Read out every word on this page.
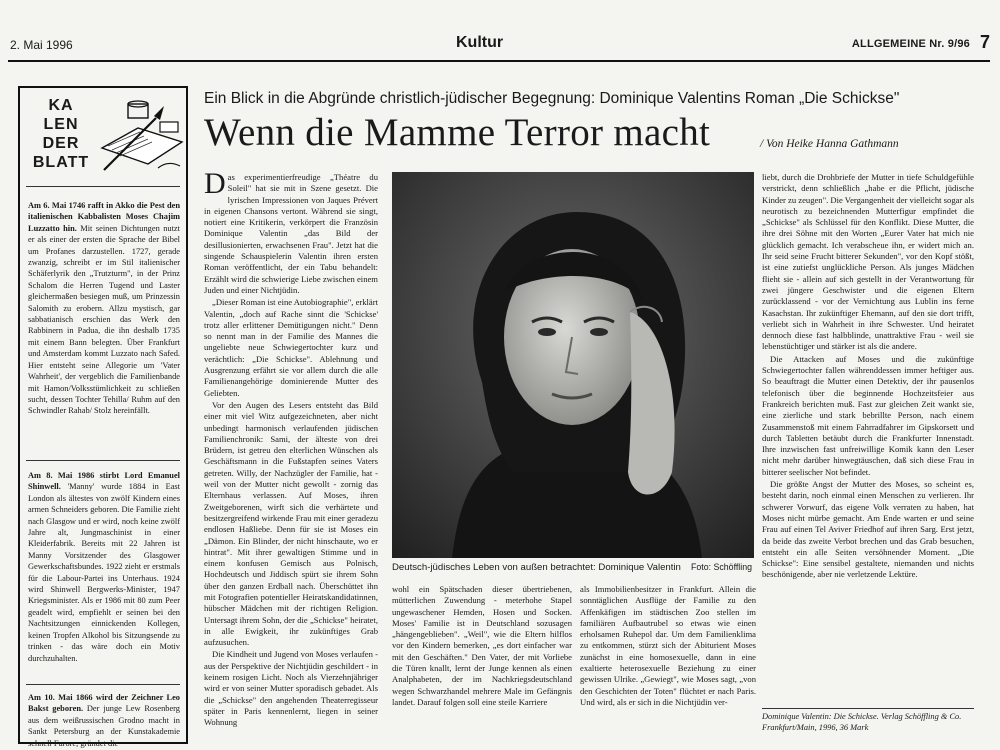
2. Mai 1996	Kultur	ALLGEMEINE Nr. 9/96 7
KA
LEN
DER
BLATT
Am 6. Mai 1746 rafft in Akko die Pest den italienischen Kabbalisten Moses Chajim Luzzatto hin. Mit seinen Dichtungen nutzt er als einer der ersten die Sprache der Bibel um Profanes darzustellen. 1727, gerade zwanzig, schreibt er im Stil italienischer Schäferlyrik den „Trutzturm", in der Prinz Schalom die Herren Tugend und Laster gleichermaßen besiegen muß, um Prinzessin Salomith zu erobern. Allzu mystisch, gar sabbatianisch erschien das Werk den Rabbinern in Padua, die ihn deshalb 1735 mit einem Bann belegten. Über Frankfurt und Amsterdam kommt Luzzato nach Safed. Hier entsteht seine Allegorie um 'Vater Wahrheit', der vergeblich die Familienbande mit Hamon/Volksstümlichkeit zu schließen sucht, dessen Tochter Tehilla/ Ruhm auf den Schwindler Rahab/ Stolz hereinfällt.
Am 8. Mai 1986 stirbt Lord Emanuel Shinwell. 'Manny' wurde 1884 in East London als ältestes von zwölf Kindern eines armen Schneiders geboren. Die Familie zieht nach Glasgow und er wird, noch keine zwölf Jahre alt, Jungmaschinist in einer Kleiderfabrik. Bereits mit 22 Jahren ist Manny Vorsitzender des Glasgower Gewerkschaftsbundes. 1922 zieht er erstmals für die Labour-Partei ins Unterhaus. 1924 wird Shinwell Bergwerks-Minister, 1947 Kriegsminister. Als er 1986 mit 80 zum Peer geadelt wird, empfiehlt er seinen bei den Nachtsitzungen einnickenden Kollegen, keinen Tropfen Alkohol bis Sitzungsende zu trinken - das wäre doch ein Motiv durchzuhalten.
Am 10. Mai 1866 wird der Zeichner Leo Bakst geboren. Der junge Lew Rosenberg aus dem weißrussischen Grodno macht in Sankt Petersburg an der Kunstakademie schnell Furore, gründet die
Ein Blick in die Abgründe christlich-jüdischer Begegnung: Dominique Valentins Roman „Die Schickse"
Wenn die Mamme Terror macht	/ Von Heike Hanna Gathmann

Das experimentierfreudige „Théatre du Soleil" hat sie mit in Szene gesetzt. Die lyrischen Impressionen von Jaques Prévert in eigenen Chansons vertont. Während sie singt, notiert eine Kritikerin, verkörpert die Französin Dominique Valentin „das Bild der desillusionierten, erwachsenen Frau". Jetzt hat die singende Schauspielerin Valentin ihren ersten Roman veröffentlicht, der ein Tabu behandelt: Erzählt wird die schwierige Liebe zwischen einem Juden und einer Nichtjüdin.

„Dieser Roman ist eine Autobiographie", erklärt Valentin, „doch auf Rache sinnt die 'Schickse' trotz aller erlittener Demütigungen nicht." Denn so nennt man in der Familie des Mannes die ungeliebte neue Schwiegertochter kurz und verächtlich: „Die Schickse". Ablehnung und Ausgrenzung erfährt sie vor allem durch die alle Familienangehörige dominierende Mutter des Geliebten.

Vor den Augen des Lesers entsteht das Bild einer mit viel Witz aufgezeichneten, aber nicht unbedingt harmonisch verlaufenden jüdischen Familienchronik: Sami, der älteste von drei Brüdern, ist getreu den elterlichen Wünschen als Geschäftsmann in die Fußstapfen seines Vaters getreten. Willy, der Nachzügler der Familie, hat - weil von der Mutter nicht gewollt - zornig das Elternhaus verlassen. Auf Moses, ihren Zweitgeborenen, wirft sich die verhärtete und besitzergreifend wirkende Frau mit einer geradezu endlosen Haßliebe. Denn für sie ist Moses ein „Dämon. Ein Blinder, der nicht hinschaute, wo er hintrat". Mit ihrer gewaltigen Stimme und in einem konfusen Gemisch aus Polnisch, Hochdeutsch und Jiddisch spürt sie ihrem Sohn über den ganzen Erdball nach. Überschüttet ihn mit Fotografien potentieller Heiratskandidatinnen, hübscher Mädchen mit der richtigen Religion. Untersagt ihrem Sohn, der die „Schickse" heiratet, in alle Ewigkeit, ihr zukünftiges Grab aufzusuchen.

Die Kindheit und Jugend von Moses verlaufen - aus der Perspektive der Nichtjüdin geschildert - in keinem rosigen Licht. Noch als Vierzehnjähriger wird er von seiner Mutter sporadisch gebadet. Als die „Schickse" den angehenden Theaterregisseur später in Paris kennenlernt, liegen in seiner Wohnung

Deutsch-jüdisches Leben von außen betrachtet: Dominique Valentin Foto: Schöffling

wohl ein Spätschaden dieser übertriebenen, mütterlichen Zuwendung - meterhohe Stapel ungewaschener Hemden, Hosen und Socken. Moses' Familie ist in Deutschland sozusagen „hängengeblieben". „Weil", wie die Eltern hilflos vor den Kindern bemerken, „es dort einfacher war mit den Geschäften." Den Vater, der mit Vorliebe die Türen knallt, lernt der Junge kennen als einen Analphabeten, der im Nachkriegsdeutschland wegen Schwarzhandel mehrere Male im Gefängnis landet. Darauf folgen soll eine steile Karriere

als Immobilienbesitzer in Frankfurt. Allein die sonntäglichen Ausflüge der Familie zu den Affenkäfigen im städtischen Zoo stellen im familiären Aufbautrubel so etwas wie einen erholsamen Ruhepol dar. Um dem Familienklima zu entkommen, stürzt sich der Abiturient Moses zunächst in eine homosexuelle, dann in eine exaltierte heterosexuelle Beziehung zu einer gewissen Ulrike. „Gewiegt", wie Moses sagt, „von den Geschichten der Toten" flüchtet er nach Paris. Und wird, als er sich in die Nichtjüdin ver-

liebt, durch die Drohbriefe der Mutter in tiefe Schuldgefühle verstrickt, denn schließlich „habe er die Pflicht, jüdische Kinder zu zeugen". Die Vergangenheit der vielleicht sogar als neurotisch zu bezeichnenden Mutterfigur empfindet die „Schickse" als Schlüssel für den Konflikt. Diese Mutter, die ihre drei Söhne mit den Worten „Eurer Vater hat mich nie glücklich gemacht. Ich verabscheue ihn, er widert mich an. Ihr seid seine Frucht bitterer Sekunden", vor den Kopf stößt, ist eine zutiefst unglückliche Person. Als junges Mädchen flieht sie - allein auf sich gestellt in der Verantwortung für zwei jüngere Geschwister und die eigenen Eltern zurücklassend - vor der Vernichtung aus Lublin ins ferne Kasachstan. Ihr zukünftiger Ehemann, auf den sie dort trifft, verliebt sich in Wahrheit in ihre Schwester. Und heiratet dennoch diese fast halbblinde, unattraktive Frau - weil sie lebenstüchtiger und stärker ist als die andere.

Die Attacken auf Moses und die zukünftige Schwiegertochter fallen währenddessen immer heftiger aus. So beauftragt die Mutter einen Detektiv, der ihr pausenlos telefonisch über die beginnende Hochzeitsfeier aus Frankreich berichten muß. Fast zur gleichen Zeit wankt sie, eine zierliche und stark bebrillte Person, nach einem Zusammenstoß mit einem Fahrradfahrer im Gipskorsett und durch Tabletten betäubt durch die Frankfurter Innenstadt. Ihre inzwischen fast unfreiwillige Komik kann den Leser nicht mehr darüber hinwegtäuschen, daß sich diese Frau in bitterer seelischer Not befindet.

Die größte Angst der Mutter des Moses, so scheint es, besteht darin, noch einmal einen Menschen zu verlieren. Ihr schwerer Vorwurf, das eigene Volk verraten zu haben, hat Moses nicht mürbe gemacht. Am Ende warten er und seine Frau auf einen Tel Aviver Friedhof auf ihren Sarg. Erst jetzt, da beide das zweite Verbot brechen und das Grab besuchen, entsteht ein alle Seiten versöhnender Moment. „Die Schickse": Eine sensibel gestaltete, niemanden und nichts beschönigende, aber nie verletzende Lektüre.

Dominique Valentin: Die Schickse. Verlag Schöffling & Co. Frankfurt/Main, 1996, 36 Mark
